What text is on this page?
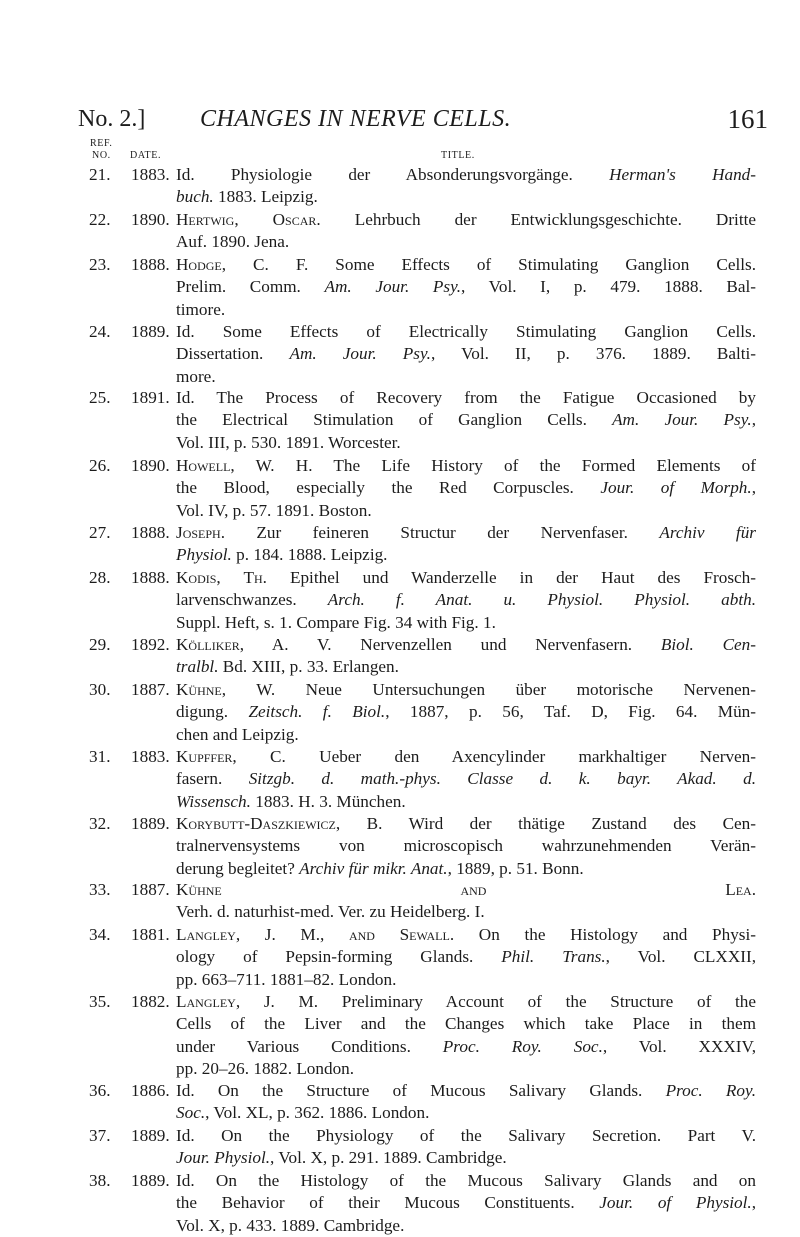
No. 2.] CHANGES IN NERVE CELLS.	161
REF.
NO. DATE.	TITLE.
21. 1883. Id. Physiologie der Absonderungsvorgänge. Herman's Hand-
buch. 1883. Leipzig.
22. 1890. Hertwig, Oscar. Lehrbuch der Entwicklungsgeschichte. Dritte
Auf. 1890. Jena.
23. 1888. Hodge, C. F. Some Effects of Stimulating Ganglion Cells.
Prelim. Comm. Am. Jour. Psy., Vol. I, p. 479. 1888. Bal-
timore.
24. 1889. Id. Some Effects of Electrically Stimulating Ganglion Cells.
Dissertation. Am. Jour. Psy., Vol. II, p. 376. 1889. Balti-
more.
25. 1891. Id. The Process of Recovery from the Fatigue Occasioned by
the Electrical Stimulation of Ganglion Cells. Am. Jour. Psy.,
Vol. III, p. 530. 1891. Worcester.
26. 1890. Howell, W. H. The Life History of the Formed Elements of
the Blood, especially the Red Corpuscles. Jour. of Morph.,
Vol. IV, p. 57. 1891. Boston.
27. 1888. Joseph. Zur feineren Structur der Nervenfaser. Archiv für
Physiol. p. 184. 1888. Leipzig.
28. 1888. Kodis, Th. Epithel und Wanderzelle in der Haut des Frosch-
larvenschwanzes. Arch. f. Anat. u. Physiol. Physiol. abth.
Suppl. Heft, s. 1. Compare Fig. 34 with Fig. 1.
29. 1892. Kölliker, A. V. Nervenzellen und Nervenfasern. Biol. Cen-
tralbl. Bd. XIII, p. 33. Erlangen.
30. 1887. Kühne, W. Neue Untersuchungen über motorische Nervenen-
digung. Zeitsch. f. Biol., 1887, p. 56, Taf. D, Fig. 64. Mün-
chen and Leipzig.
31. 1883. Kupffer, C. Ueber den Axencylinder markhaltiger Nerven-
fasern. Sitzgb. d. math.-phys. Classe d. k. bayr. Akad. d.
Wissensch. 1883. H. 3. München.
32. 1889. Korybutt-Daszkiewicz, B. Wird der thätige Zustand des Cen-
tralnervensystems von microscopisch wahrzunehmenden Verän-
derung begleitet? Archiv für mikr. Anat., 1889, p. 51. Bonn.
33. 1887. Kühne and Lea.
Verh. d. naturhist-med. Ver. zu Heidelberg. I.
34. 1881. Langley, J. M., and Sewall. On the Histology and Physi-
ology of Pepsin-forming Glands. Phil. Trans., Vol. CLXXII,
pp. 663–711. 1881–82. London.
35. 1882. Langley, J. M. Preliminary Account of the Structure of the
Cells of the Liver and the Changes which take Place in them
under Various Conditions. Proc. Roy. Soc., Vol. XXXIV,
pp. 20–26. 1882. London.
36. 1886. Id. On the Structure of Mucous Salivary Glands. Proc. Roy.
Soc., Vol. XL, p. 362. 1886. London.
37. 1889. Id. On the Physiology of the Salivary Secretion. Part V.
Jour. Physiol., Vol. X, p. 291. 1889. Cambridge.
38. 1889. Id. On the Histology of the Mucous Salivary Glands and on
the Behavior of their Mucous Constituents. Jour. of Physiol.,
Vol. X, p. 433. 1889. Cambridge.
